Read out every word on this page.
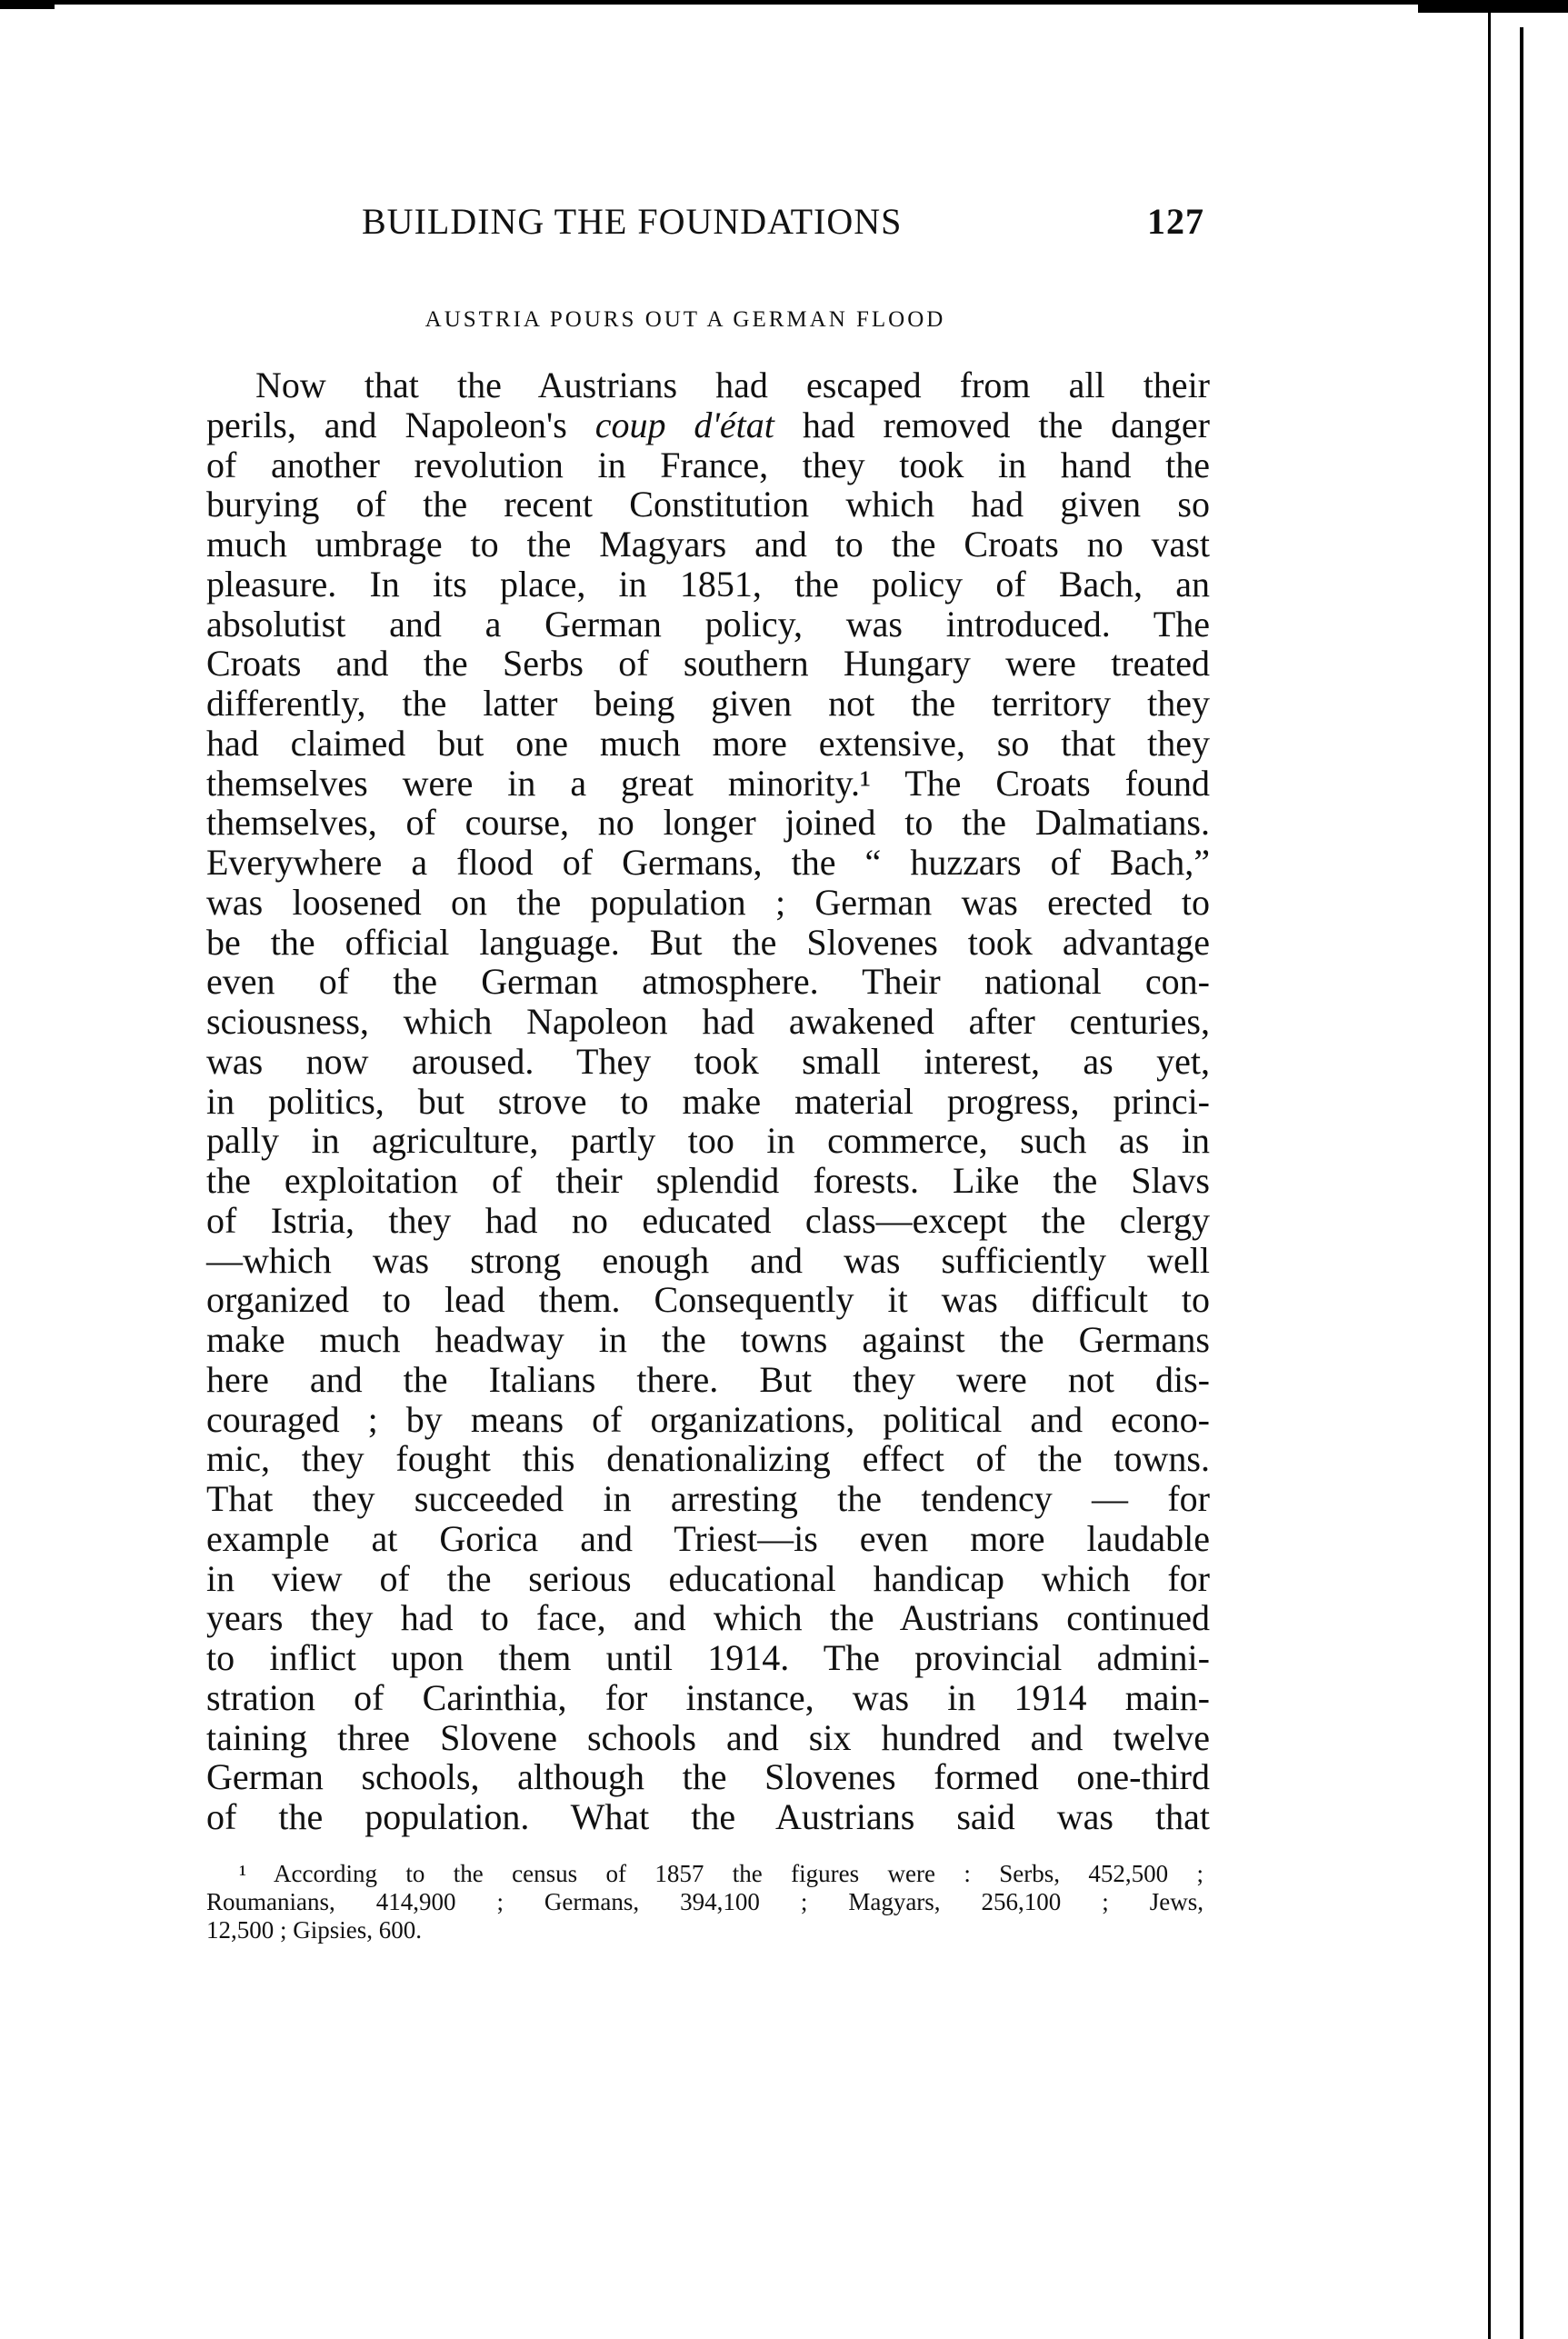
BUILDING THE FOUNDATIONS	127
AUSTRIA POURS OUT A GERMAN FLOOD
Now that the Austrians had escaped from all their
perils, and Napoleon's coup d'état had removed the danger
of another revolution in France, they took in hand the
burying of the recent Constitution which had given so
much umbrage to the Magyars and to the Croats no vast
pleasure. In its place, in 1851, the policy of Bach, an
absolutist and a German policy, was introduced. The
Croats and the Serbs of southern Hungary were treated
differently, the latter being given not the territory they
had claimed but one much more extensive, so that they
themselves were in a great minority.¹ The Croats found
themselves, of course, no longer joined to the Dalmatians.
Everywhere a flood of Germans, the “ huzzars of Bach,”
was loosened on the population ; German was erected to
be the official language. But the Slovenes took advantage
even of the German atmosphere. Their national con-
sciousness, which Napoleon had awakened after centuries,
was now aroused. They took small interest, as yet,
in politics, but strove to make material progress, princi-
pally in agriculture, partly too in commerce, such as in
the exploitation of their splendid forests. Like the Slavs
of Istria, they had no educated class—except the clergy
—which was strong enough and was sufficiently well
organized to lead them. Consequently it was difficult to
make much headway in the towns against the Germans
here and the Italians there. But they were not dis-
couraged ; by means of organizations, political and econo-
mic, they fought this denationalizing effect of the towns.
That they succeeded in arresting the tendency — for
example at Gorica and Triest—is even more laudable
in view of the serious educational handicap which for
years they had to face, and which the Austrians continued
to inflict upon them until 1914. The provincial admini-
stration of Carinthia, for instance, was in 1914 main-
taining three Slovene schools and six hundred and twelve
German schools, although the Slovenes formed one-third
of the population. What the Austrians said was that
¹ According to the census of 1857 the figures were : Serbs, 452,500 ;
Roumanians, 414,900 ; Germans, 394,100 ; Magyars, 256,100 ; Jews,
12,500 ; Gipsies, 600.
